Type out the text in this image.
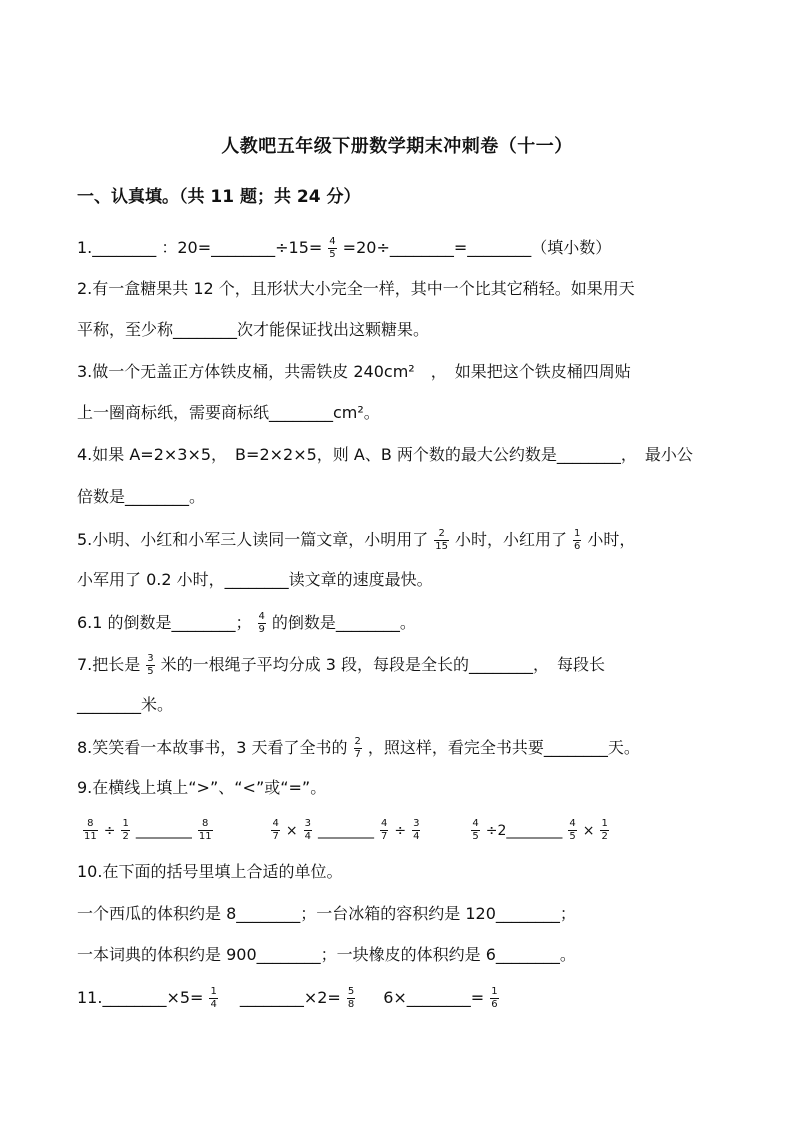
人教吧五年级下册数学期末冲刺卷（十一）
一、认真填。（共 11 题；共 24 分）
1.________ ：20=________÷15= $\frac{4}{5}$ =20÷________=________（填小数）
2.有一盒糖果共 12 个，且形状大小完全一样，其中一个比其它稍轻。如果用天
平称，至少称________次才能保证找出这颗糖果。
3.做一个无盖正方体铁皮桶，共需铁皮 240cm²　，　如果把这个铁皮桶四周贴
上一圈商标纸，需要商标纸________cm²。
4.如果 A=2×3×5，　B=2×2×5，则 A、B 两个数的最大公约数是________，　最小公
倍数是________。
5.小明、小红和小军三人读同一篇文章，小明用了 $\frac{2}{15}$ 小时，小红用了 $\frac{1}{6}$ 小时，
小军用了 0.2 小时，________读文章的速度最快。
6.1 的倒数是________； $\frac{4}{9}$ 的倒数是________。
7.把长是 $\frac{3}{5}$ 米的一根绳子平均分成 3 段，每段是全长的________，　每段长
________米。
8.笑笑看一本故事书，3 天看了全书的 $\frac{2}{7}$ ，照这样，看完全书共要________天。
9.在横线上填上“>”、“<”或“=”。
$\frac{8}{11} \div \frac{1}{2}$ ________ $\frac{8}{11}$
	$\frac{4}{7} \times \frac{3}{4}$ ________ $\frac{4}{7} \div \frac{3}{4}$
	$\frac{4}{5}$ ÷2________ $\frac{4}{5} \times \frac{1}{2}$
10.在下面的括号里填上合适的单位。
一个西瓜的体积约是 8________；一台冰箱的容积约是 120________；
一本词典的体积约是 900________；一块橡皮的体积约是 6________。
11.________×5= $\frac{1}{4}$ ________×2= $\frac{5}{8}$ 6×________= $\frac{1}{6}$
